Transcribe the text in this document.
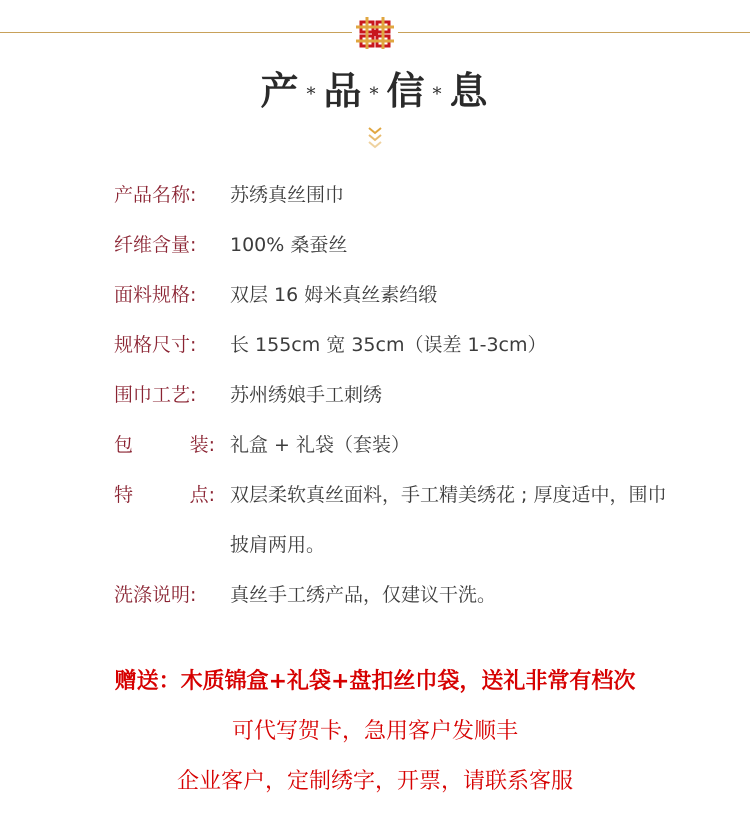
产 * 品 * 信 * 息
产品名称:	苏绣真丝围巾
纤维含量:	100% 桑蚕丝
面料规格:	双层 16 姆米真丝素绉缎
规格尺寸:	长 155cm 宽 35cm（误差 1-3cm）
围巾工艺:	苏州绣娘手工刺绣
包	装: 礼盒 + 礼袋（套装）
特	点: 双层柔软真丝面料，手工精美绣花 ; 厚度适中，围巾披肩两用。
洗涤说明:	真丝手工绣产品，仅建议干洗。
赠送：木质锦盒+礼袋+盘扣丝巾袋，送礼非常有档次
可代写贺卡，急用客户发顺丰
企业客户，定制绣字，开票，请联系客服
